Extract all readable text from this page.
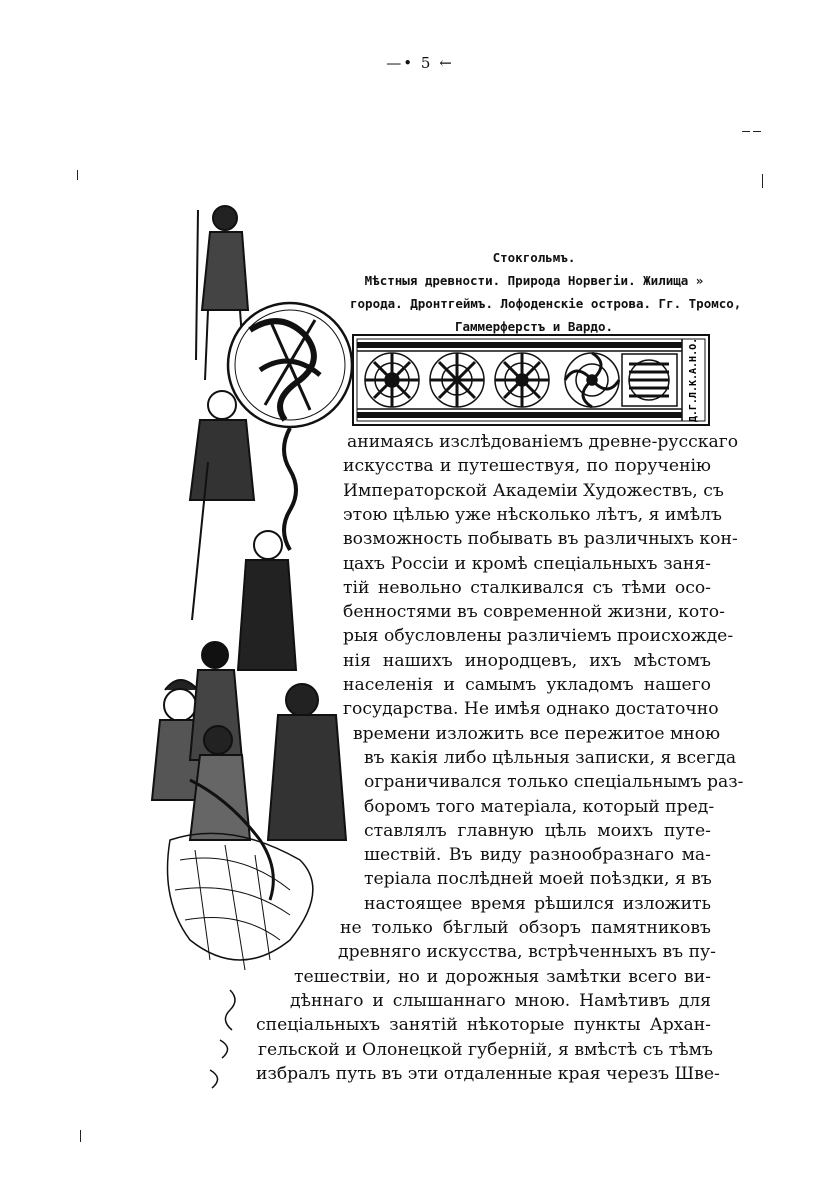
—• 5 ←
Стокгольмъ.
Мѣстныя древности. Природа Норвегіи. Жилища »
города. Дронтгеймъ. Лофоденскіе острова. Гг. Тромсо,
Гаммерферстъ и Вардо.
Д.Г.Л.К.А.Н.О.
анимаясь изслѣдованіемъ древне-русскаго
искусства и путешествуя, по порученію
Императорской Академіи Художествъ, съ
этою цѣлью уже нѣсколько лѣтъ, я имѣлъ
возможность побывать въ различныхъ кон-
цахъ Россіи и кромѣ спеціальныхъ заня-
тій невольно сталкивался съ тѣми осо-
бенностями въ современной жизни, кото-
рыя обусловлены различіемъ происхожде-
нія нашихъ инородцевъ, ихъ мѣстомъ
населенія и самымъ укладомъ нашего
государства. Не имѣя однако достаточно
времени изложить все пережитое мною
въ какія либо цѣльныя записки, я всегда
ограничивался только спеціальнымъ раз-
боромъ того матеріала, который пред-
ставлялъ главную цѣль моихъ путе-
шествій. Въ виду разнообразнаго ма-
теріала послѣдней моей поѣздки, я въ
настоящее время рѣшился изложить
не только бѣглый обзоръ памятниковъ
древняго искусства, встрѣченныхъ въ пу-
тешествіи, но и дорожныя замѣтки всего ви-
дѣннаго и слышаннаго мною. Намѣтивъ для
спеціальныхъ занятій нѣкоторые пункты Архан-
гельской и Олонецкой губерній, я вмѣстѣ съ тѣмъ
избралъ путь въ эти отдаленные края черезъ Шве-
